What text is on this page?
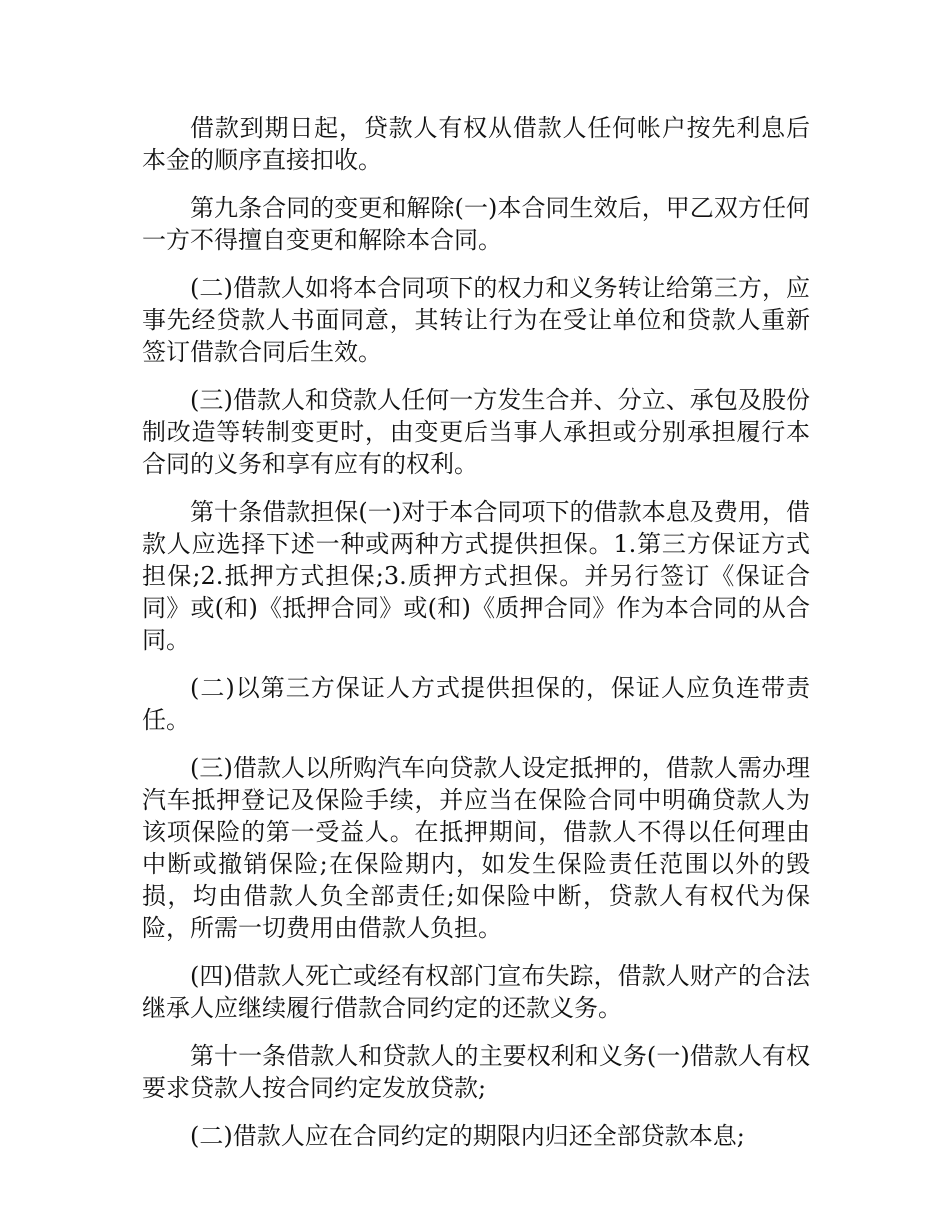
借款到期日起，贷款人有权从借款人任何帐户按先利息后本金的顺序直接扣收。

第九条合同的变更和解除(一)本合同生效后，甲乙双方任何一方不得擅自变更和解除本合同。

(二)借款人如将本合同项下的权力和义务转让给第三方，应事先经贷款人书面同意，其转让行为在受让单位和贷款人重新签订借款合同后生效。

(三)借款人和贷款人任何一方发生合并、分立、承包及股份制改造等转制变更时，由变更后当事人承担或分别承担履行本合同的义务和享有应有的权利。

第十条借款担保(一)对于本合同项下的借款本息及费用，借款人应选择下述一种或两种方式提供担保。1.第三方保证方式担保;2.抵押方式担保;3.质押方式担保。并另行签订《保证合同》或(和)《抵押合同》或(和)《质押合同》作为本合同的从合同。

(二)以第三方保证人方式提供担保的，保证人应负连带责任。

(三)借款人以所购汽车向贷款人设定抵押的，借款人需办理汽车抵押登记及保险手续，并应当在保险合同中明确贷款人为该项保险的第一受益人。在抵押期间，借款人不得以任何理由中断或撤销保险;在保险期内，如发生保险责任范围以外的毁损，均由借款人负全部责任;如保险中断，贷款人有权代为保险，所需一切费用由借款人负担。

(四)借款人死亡或经有权部门宣布失踪，借款人财产的合法继承人应继续履行借款合同约定的还款义务。

第十一条借款人和贷款人的主要权利和义务(一)借款人有权要求贷款人按合同约定发放贷款;

(二)借款人应在合同约定的期限内归还全部贷款本息;
